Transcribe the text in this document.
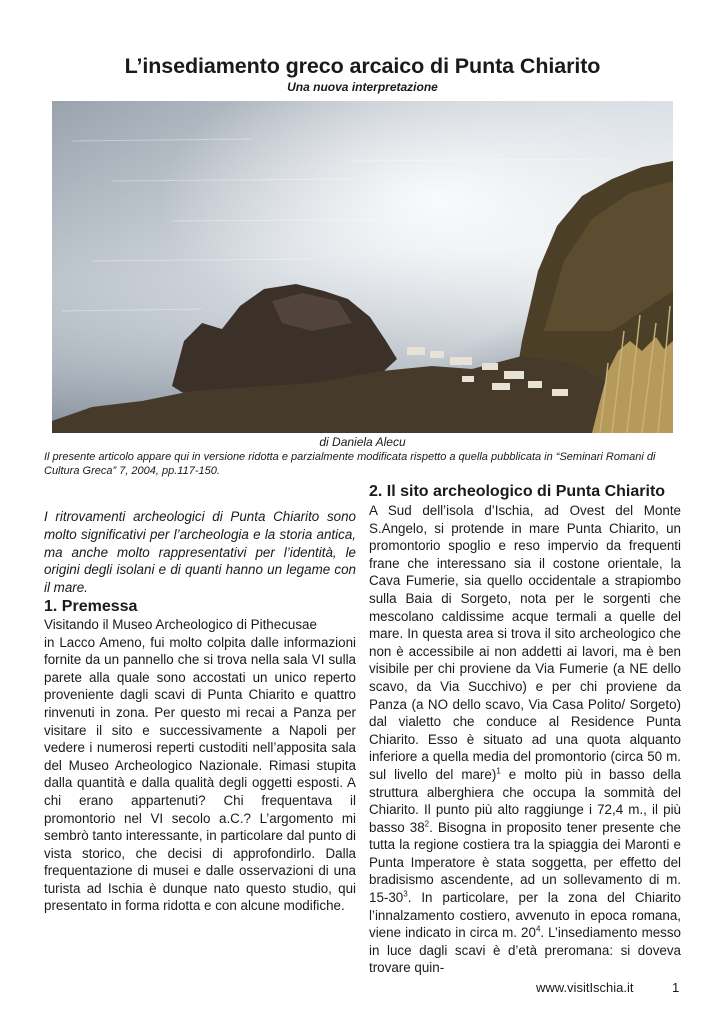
L’insediamento greco arcaico di Punta Chiarito
Una nuova interpretazione
di Daniela Alecu

Il presente articolo appare qui in versione ridotta e parzialmente modificata rispetto a quella pubblicata in “Seminari Romani di Cultura Greca” 7, 2004, pp.117-150.

I ritrovamenti archeologici di Punta Chiarito sono molto significativi per l’archeologia e la storia antica, ma anche molto rappresentativi per l’identità, le origini degli isolani e di quanti hanno un legame con il mare.

1. Premessa
Visitando il Museo Archeologico di Pithecusae

in Lacco Ameno, fui molto colpita dalle informazioni fornite da un pannello che si trova nella sala VI sulla parete alla quale sono accostati un unico reperto proveniente dagli scavi di Punta Chiarito e quattro rinvenuti in zona. Per questo mi recai a Panza per visitare il sito e successivamente a Napoli per vedere i numerosi reperti custoditi nell’apposita sala del Museo Archeologico Nazionale. Rimasi stupita dalla quantità e dalla qualità degli oggetti esposti. A chi erano appartenuti? Chi frequentava il promontorio nel VI secolo a.C.? L’argomento mi sembrò tanto interessante, in particolare dal punto di vista storico, che decisi di approfondirlo. Dalla frequentazione di musei e dalle osservazioni di una turista ad Ischia è dunque nato questo studio, qui presentato in forma ridotta e con alcune modifiche.

2. Il sito archeologico di Punta Chiarito

A Sud dell’isola d’Ischia, ad Ovest del Monte S.Angelo, si protende in mare Punta Chiarito, un promontorio spoglio e reso impervio da frequenti frane che interessano sia il costone orientale, la Cava Fumerie, sia quello occidentale a strapiombo sulla Baia di Sorgeto, nota per le sorgenti che mescolano caldissime acque termali a quelle del mare. In questa area si trova il sito archeologico che non è accessibile ai non addetti ai lavori, ma è ben visibile per chi proviene da Via Fumerie (a NE dello scavo, da Via Succhivo) e per chi proviene da Panza (a NO dello scavo, Via Casa Polito/ Sorgeto) dal vialetto che conduce al Residence Punta Chiarito. Esso è situato ad una quota alquanto inferiore a quella media del promontorio (circa 50 m. sul livello del mare)$^1$ e molto più in basso della struttura alberghiera che occupa la sommità del Chiarito. Il punto più alto raggiunge i 72,4 m., il più basso $38^2$. Bisogna in proposito tener presente che tutta la regione costiera tra la spiaggia dei Maronti e Punta Imperatore è stata soggetta, per effetto del bradisismo ascendente, ad un sollevamento di m. $15-30^3$. In particolare, per la zona del Chiarito l’innalzamento costiero, avvenuto in epoca romana, viene indicato in circa m. $20^4$. L’insediamento messo in luce dagli scavi è d’età preromana: si doveva trovare quin-

www.visitIschia.it	1
